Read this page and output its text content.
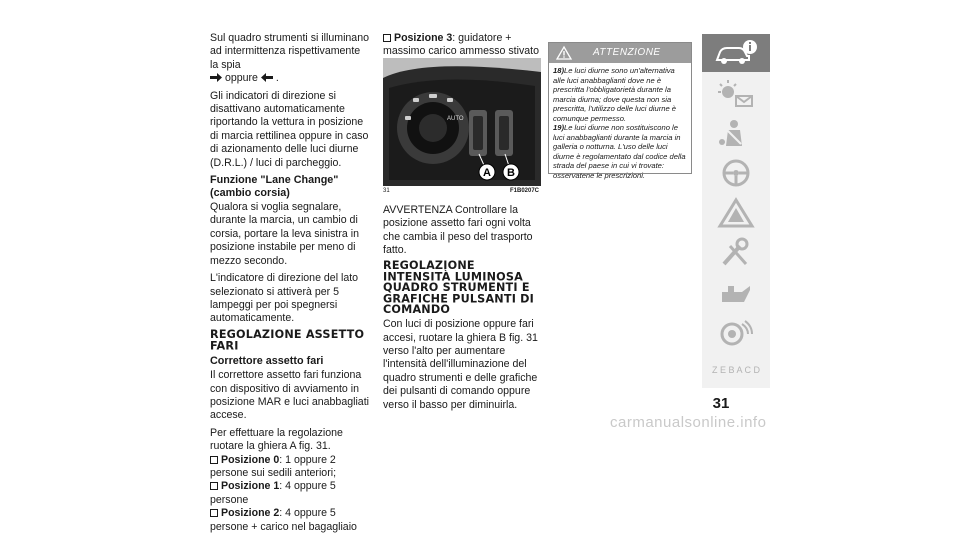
Sul quadro strumenti si illuminano ad intermittenza rispettivamente la spia
oppure .

Gli indicatori di direzione si disattivano automaticamente riportando la vettura in posizione di marcia rettilinea oppure in caso di azionamento delle luci diurne (D.R.L.) / luci di parcheggio.

Funzione "Lane Change" (cambio corsia)

Qualora si voglia segnalare, durante la marcia, un cambio di corsia, portare la leva sinistra in posizione instabile per meno di mezzo secondo.

L'indicatore di direzione del lato selezionato si attiverà per 5 lampeggi per poi spegnersi automaticamente.

REGOLAZIONE ASSETTO FARI
Correttore assetto fari

Il correttore assetto fari funziona con dispositivo di avviamento in posizione MAR e luci anabbagliati accese.

Per effettuare la regolazione ruotare la ghiera A fig. 31.
Posizione 0: 1 oppure 2 persone sui sedili anteriori;
Posizione 1: 4 oppure 5 persone
Posizione 2: 4 oppure 5 persone + carico nel bagagliaio

Posizione 3: guidatore + massimo carico ammesso stivato

A B
AUTO
31	F1B0207C

AVVERTENZA Controllare la posizione assetto fari ogni volta che cambia il peso del trasporto fatto.

REGOLAZIONE INTENSITÀ LUMINOSA QUADRO STRUMENTI E GRAFICHE PULSANTI DI COMANDO

Con luci di posizione oppure fari accesi, ruotare la ghiera B fig. 31 verso l'alto per aumentare l'intensità dell'illuminazione del quadro strumenti e delle grafiche dei pulsanti di comando oppure verso il basso per diminuirla.

ATTENZIONE
18)Le luci diurne sono un'alternativa alle luci anabbaglianti dove ne è prescritta l'obbligatorietà durante la marcia diurna; dove questa non sia prescritta, l'utilizzo delle luci diurne è comunque permesso.
19)Le luci diurne non sostituiscono le luci anabbaglianti durante la marcia in galleria o notturna. L'uso delle luci diurne è regolamentato dal codice della strada del paese in cui vi trovate: osservatene le prescrizioni.
Z E B A C D
31
carmanualsonline.info
